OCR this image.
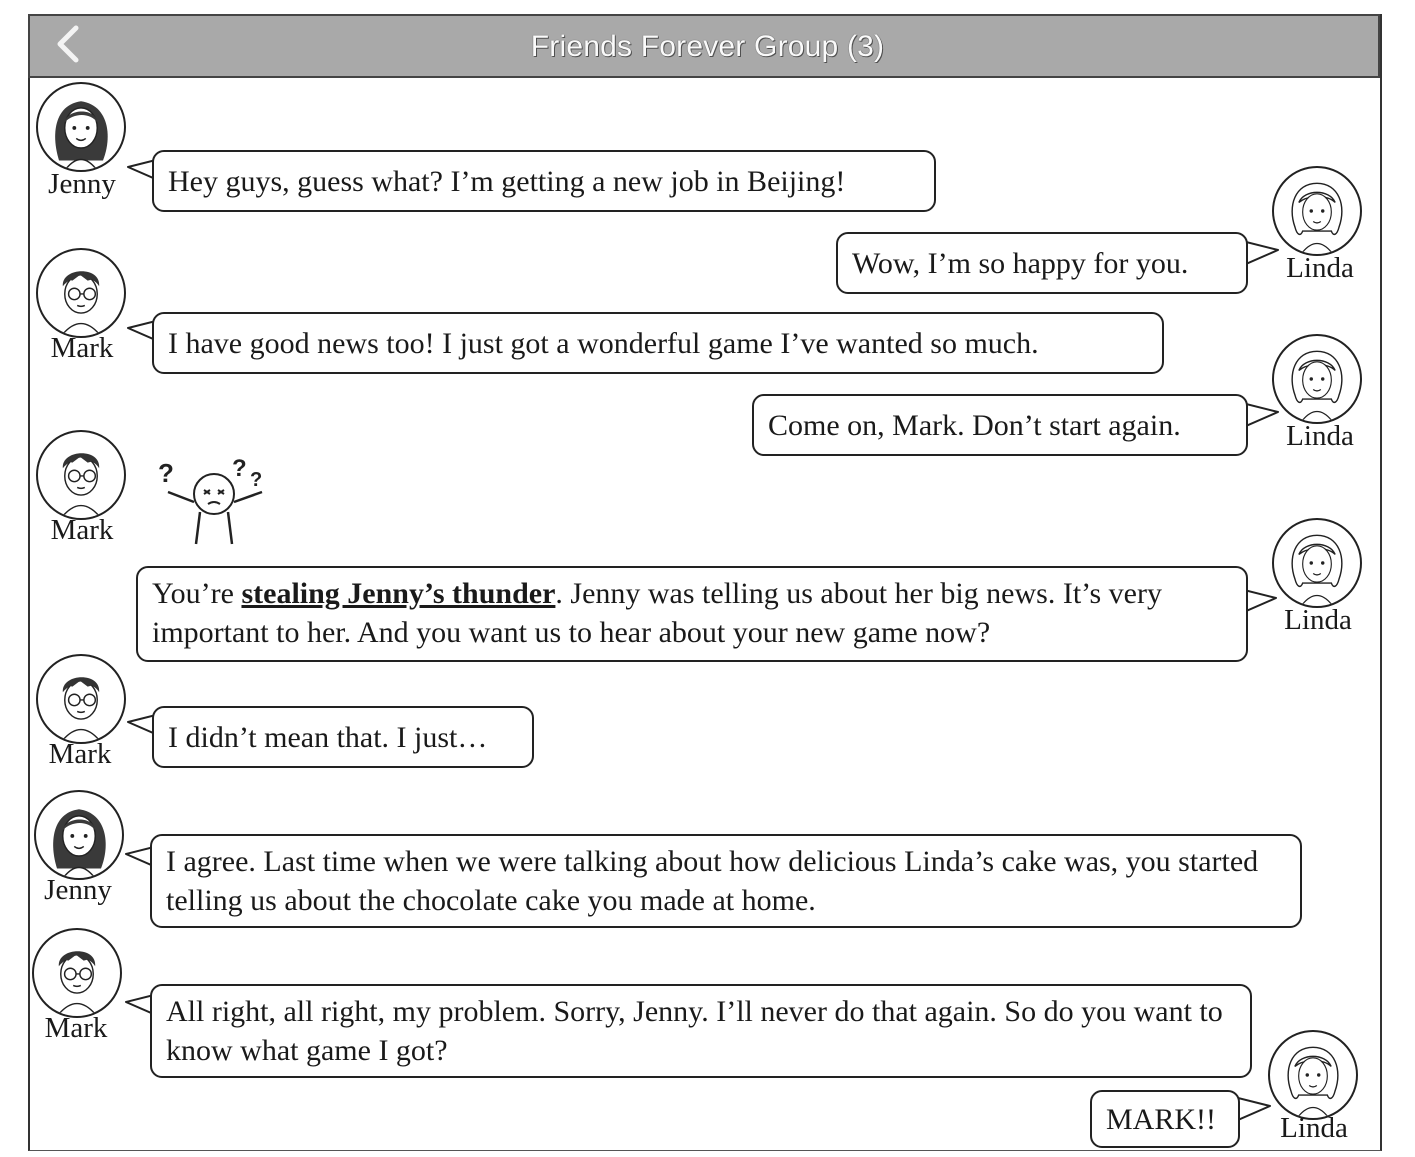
Friends Forever Group (3)
Jenny	Hey guys, guess what? I’m getting a new job in Beijing!
Linda
Wow, I’m so happy for you.
Mark	I have good news too! I just got a wonderful game I’ve wanted so much.
Linda
Come on, Mark. Don’t start again.
Mark
? ? ?
Linda
You’re stealing Jenny’s thunder. Jenny was telling us about her big news. It’s very important to her. And you want us to hear about your new game now?
Mark
I didn’t mean that. I just…
Jenny
I agree. Last time when we were talking about how delicious Linda’s cake was, you started telling us about the chocolate cake you made at home.
Mark	All right, all right, my problem. Sorry, Jenny. I’ll never do that again. So do you want to know what game I got?
Linda
MARK!!
